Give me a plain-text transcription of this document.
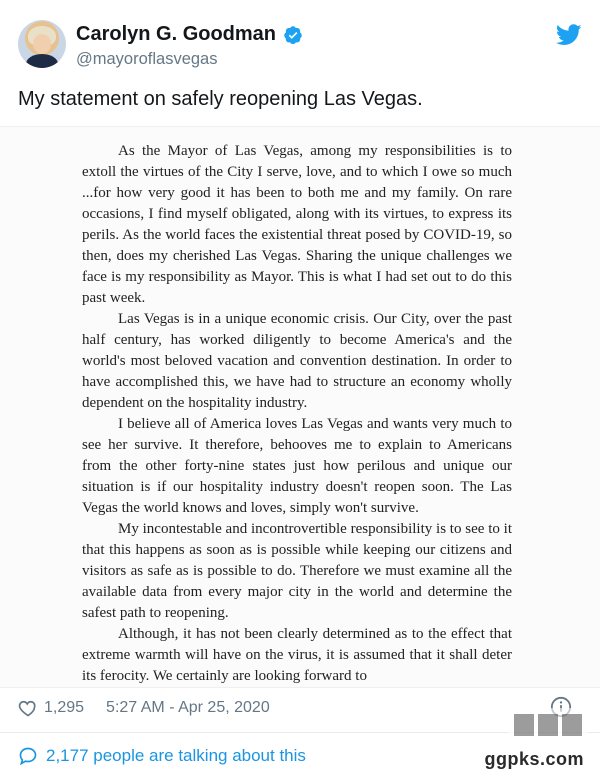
Carolyn G. Goodman
@mayoroflasvegas
My statement on safely reopening Las Vegas.

As the Mayor of Las Vegas, among my responsibilities is to extoll the virtues of the City I serve, love, and to which I owe so much ...for how very good it has been to both me and my family. On rare occasions, I find myself obligated, along with its virtues, to express its perils. As the world faces the existential threat posed by COVID-19, so then, does my cherished Las Vegas. Sharing the unique challenges we face is my responsibility as Mayor. This is what I had set out to do this past week.

Las Vegas is in a unique economic crisis. Our City, over the past half century, has worked diligently to become America's and the world's most beloved vacation and convention destination. In order to have accomplished this, we have had to structure an economy wholly dependent on the hospitality industry.

I believe all of America loves Las Vegas and wants very much to see her survive. It therefore, behooves me to explain to Americans from the other forty-nine states just how perilous and unique our situation is if our hospitality industry doesn't reopen soon. The Las Vegas the world knows and loves, simply won't survive.

My incontestable and incontrovertible responsibility is to see to it that this happens as soon as is possible while keeping our citizens and visitors as safe as is possible to do. Therefore we must examine all the available data from every major city in the world and determine the safest path to reopening.

Although, it has not been clearly determined as to the effect that extreme warmth will have on the virus, it is assumed that it shall deter its ferocity. We certainly are looking forward to

1,295 5:27 AM - Apr 25, 2020
2,177 people are talking about this	ggpks.com
